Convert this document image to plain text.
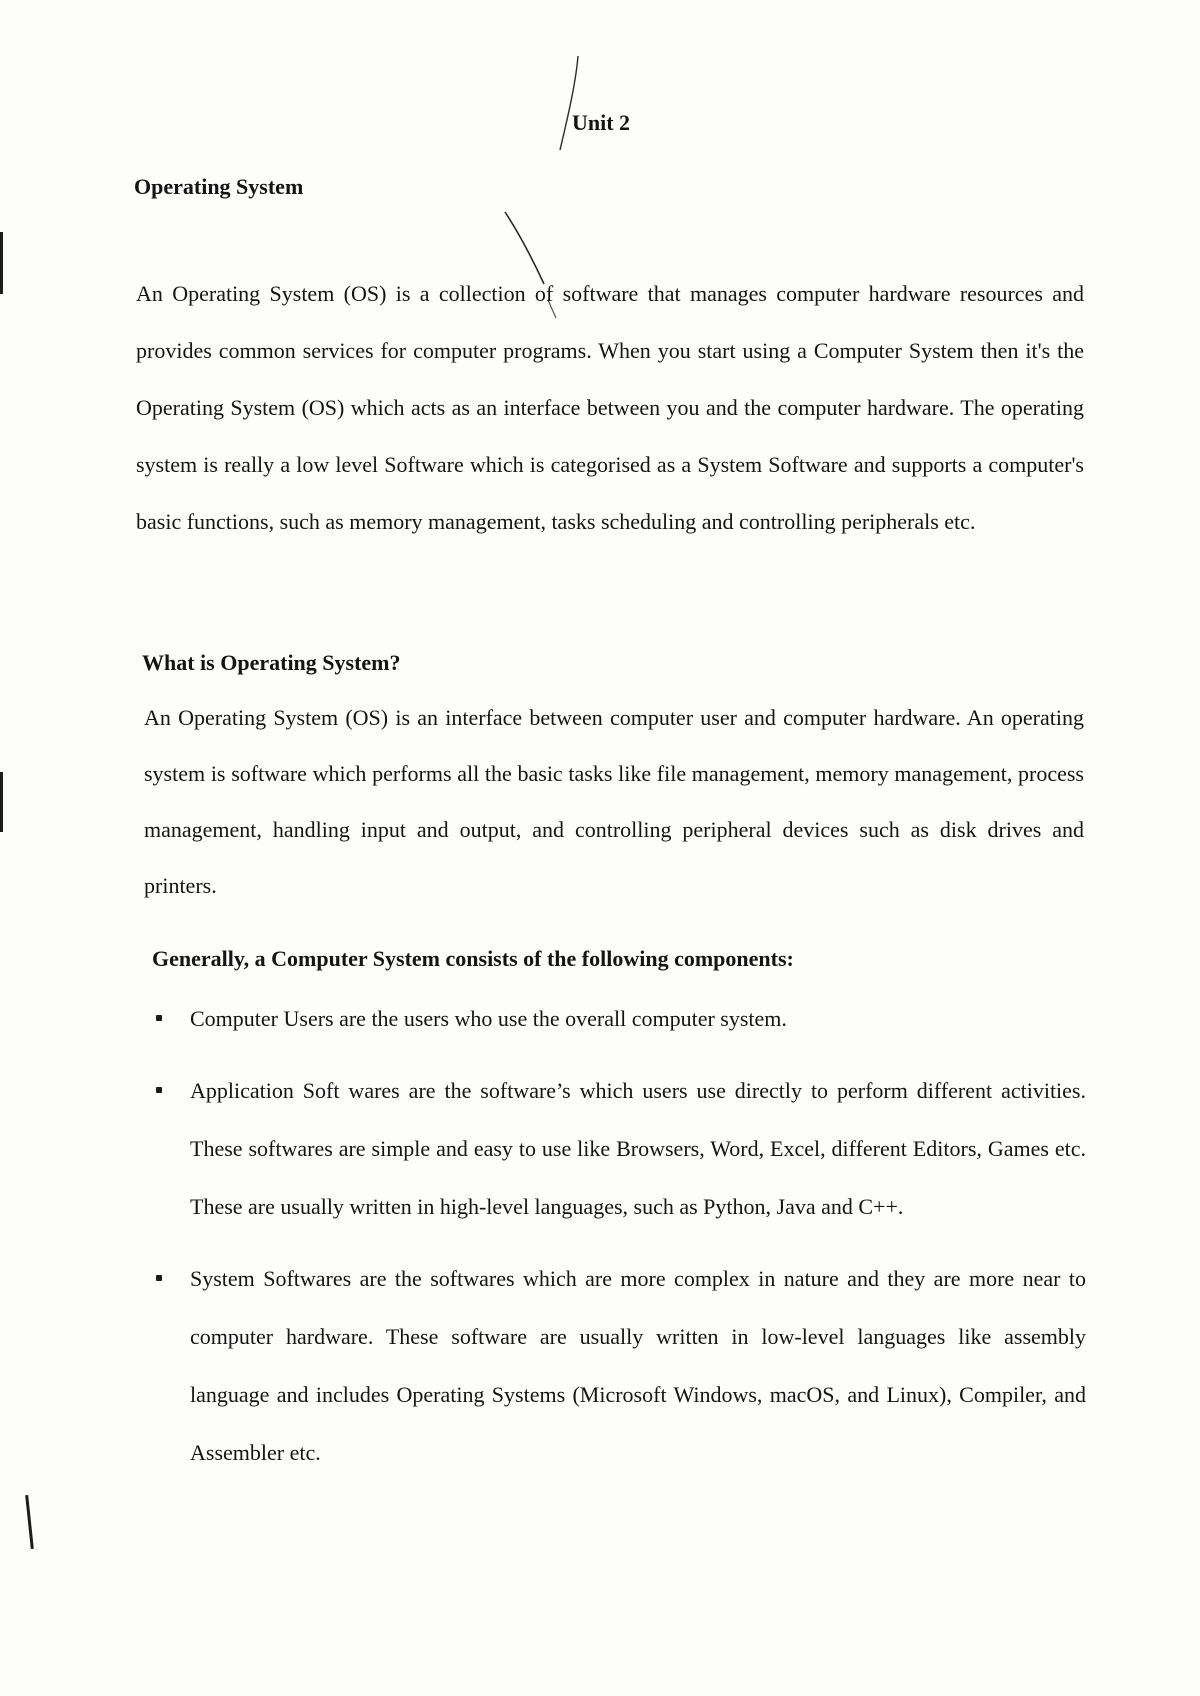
Unit 2
Operating System

An Operating System (OS) is a collection of software that manages computer hardware resources and provides common services for computer programs. When you start using a Computer System then it's the Operating System (OS) which acts as an interface between you and the computer hardware. The operating system is really a low level Software which is categorised as a System Software and supports a computer's basic functions, such as memory management, tasks scheduling and controlling peripherals etc.

What is Operating System?

An Operating System (OS) is an interface between computer user and computer hardware. An operating system is software which performs all the basic tasks like file management, memory management, process management, handling input and output, and controlling peripheral devices such as disk drives and printers.

Generally, a Computer System consists of the following components:
Computer Users are the users who use the overall computer system.
Application Soft wares are the software’s which users use directly to perform different activities. These softwares are simple and easy to use like Browsers, Word, Excel, different Editors, Games etc. These are usually written in high-level languages, such as Python, Java and C++.
System Softwares are the softwares which are more complex in nature and they are more near to computer hardware. These software are usually written in low-level languages like assembly language and includes Operating Systems (Microsoft Windows, macOS, and Linux), Compiler, and Assembler etc.
